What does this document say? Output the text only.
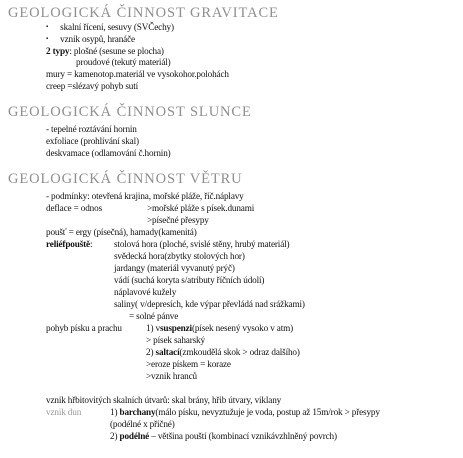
GEOLOGICKÁ ČINNOST GRAVITACE
▪ skalní řícení, sesuvy (SVČechy)
▪ vznik osypů, hranáče
2 typy: plošné (sesune se plocha)
proudové (tekutý materiál)
mury = kamenotop.materiál ve vysokohor.polohách
creep =slézavý pohyb sutí
GEOLOGICKÁ ČINNOST SLUNCE
- tepelné roztávání hornin
exfoliace (prohlívání skal)
deskvamace (odlamování č.hornin)
GEOLOGICKÁ ČINNOST VĚTRU
- podmínky: otevřená krajina, mořské pláže, říč.náplavy
deflace = odnos	>mořské pláže s písek.dunami
>písečné přesypy
poušť = ergy (písečná), hamady(kamenitá)
reliéfpouště: stolová hora (ploché, svislé stěny, hrubý materiál)
svědecká hora(zbytky stolových hor)
jardangy (materiál vyvanutý prýč)
vádí (suchá koryta s/atributy říčních údolí)
náplavové kužely
saliny( v/depresích, kde výpar převládá nad srážkami)
= solné pánve
pohyb písku a prachu	1) vsuspenzi(písek nesený vysoko v atm)
> písek saharský
2) saltací(zmkoudělá skok > odraz dalšího)
>eroze pískem = koraze
>vznik hranců
vznik hřbitovitých skalních útvarů: skal brány, hřib útvary, viklany
vznik dun	1) barchany(málo písku, nevyztužuje je voda, postup až 15m/rok > přesypy
(podélné x příčné)
2) podélné – většina pouští (kombinací vznikávzhlněný povrch)
